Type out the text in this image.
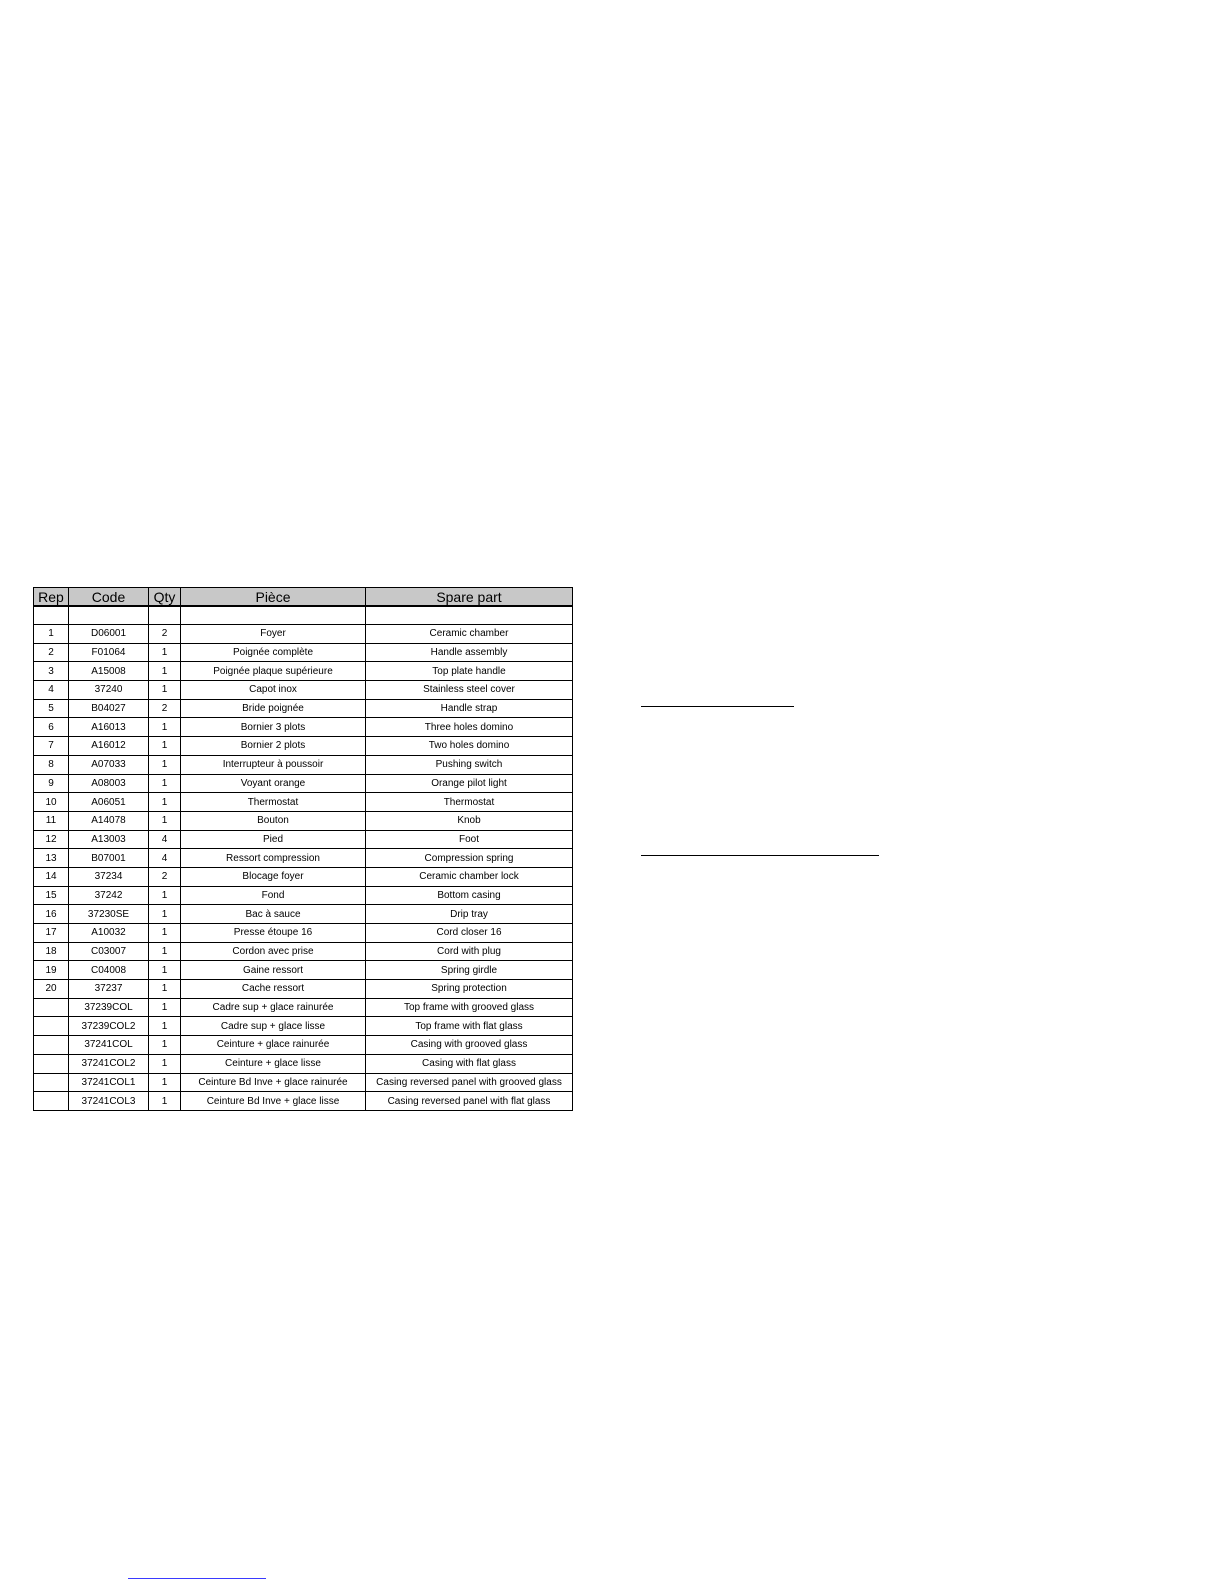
Rep	Code	Qty	Pièce	Spare part

1	D06001	2	Foyer	Ceramic chamber
2	F01064	1	Poignée complète	Handle assembly
3	A15008	1	Poignée plaque supérieure	Top plate handle
4	37240	1	Capot inox	Stainless steel cover
5	B04027	2	Bride poignée	Handle strap
6	A16013	1	Bornier 3 plots	Three holes domino
7	A16012	1	Bornier 2 plots	Two holes domino
8	A07033	1	Interrupteur à poussoir	Pushing switch
9	A08003	1	Voyant orange	Orange pilot light
10	A06051	1	Thermostat	Thermostat
11	A14078	1	Bouton	Knob
12	A13003	4	Pied	Foot
13	B07001	4	Ressort compression	Compression spring
14	37234	2	Blocage foyer	Ceramic chamber lock
15	37242	1	Fond	Bottom casing
16	37230SE	1	Bac à sauce	Drip tray
17	A10032	1	Presse étoupe 16	Cord closer 16
18	C03007	1	Cordon avec prise	Cord with plug
19	C04008	1	Gaine ressort	Spring girdle
20	37237	1	Cache ressort	Spring protection
	37239COL	1	Cadre sup + glace rainurée	Top frame with grooved glass
	37239COL2	1	Cadre sup + glace lisse	Top frame with flat glass
	37241COL	1	Ceinture + glace rainurée	Casing with grooved glass
	37241COL2	1	Ceinture + glace lisse	Casing with flat glass
	37241COL1	1	Ceinture Bd Inve + glace rainurée	Casing reversed panel with grooved glass
	37241COL3	1	Ceinture Bd Inve + glace lisse	Casing reversed panel with flat glass
